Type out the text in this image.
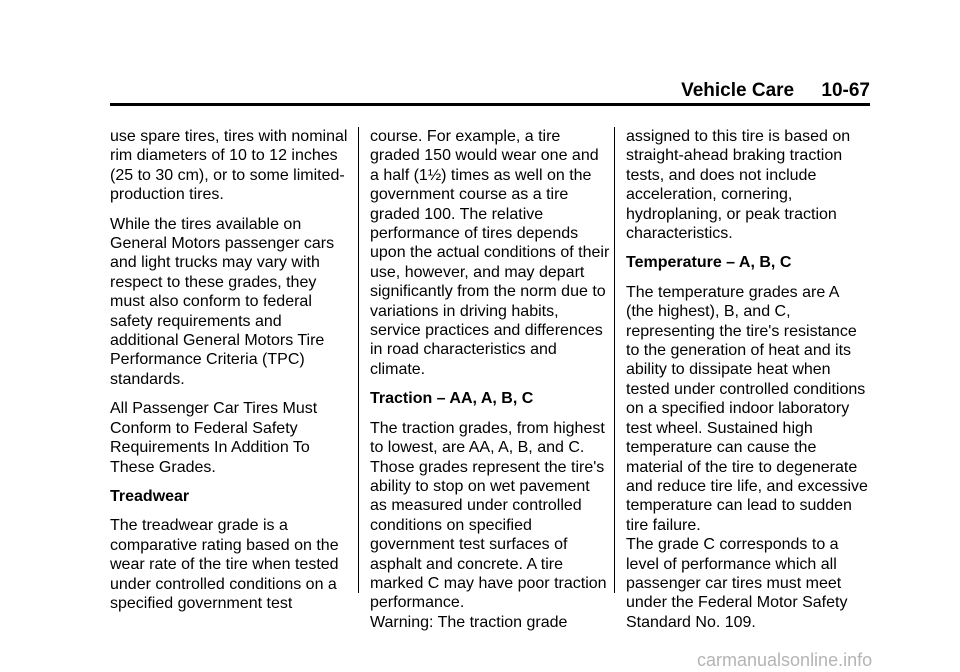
Vehicle Care 10-67

use spare tires, tires with nominal rim diameters of 10 to 12 inches (25 to 30 cm), or to some limited-production tires.

While the tires available on General Motors passenger cars and light trucks may vary with respect to these grades, they must also conform to federal safety requirements and additional General Motors Tire Performance Criteria (TPC) standards.

All Passenger Car Tires Must Conform to Federal Safety Requirements In Addition To These Grades.

Treadwear

The treadwear grade is a comparative rating based on the wear rate of the tire when tested under controlled conditions on a specified government test

course. For example, a tire graded 150 would wear one and a half (1½) times as well on the government course as a tire graded 100. The relative performance of tires depends upon the actual conditions of their use, however, and may depart significantly from the norm due to variations in driving habits, service practices and differences in road characteristics and climate.

Traction – AA, A, B, C

The traction grades, from highest to lowest, are AA, A, B, and C. Those grades represent the tire's ability to stop on wet pavement as measured under controlled conditions on specified government test surfaces of asphalt and concrete. A tire marked C may have poor traction performance.

Warning: The traction grade

assigned to this tire is based on straight-ahead braking traction tests, and does not include acceleration, cornering, hydroplaning, or peak traction characteristics.

Temperature – A, B, C

The temperature grades are A (the highest), B, and C, representing the tire's resistance to the generation of heat and its ability to dissipate heat when tested under controlled conditions on a specified indoor laboratory test wheel. Sustained high temperature can cause the material of the tire to degenerate and reduce tire life, and excessive temperature can lead to sudden tire failure.

The grade C corresponds to a level of performance which all passenger car tires must meet under the Federal Motor Safety Standard No. 109.

carmanualsonline.info
